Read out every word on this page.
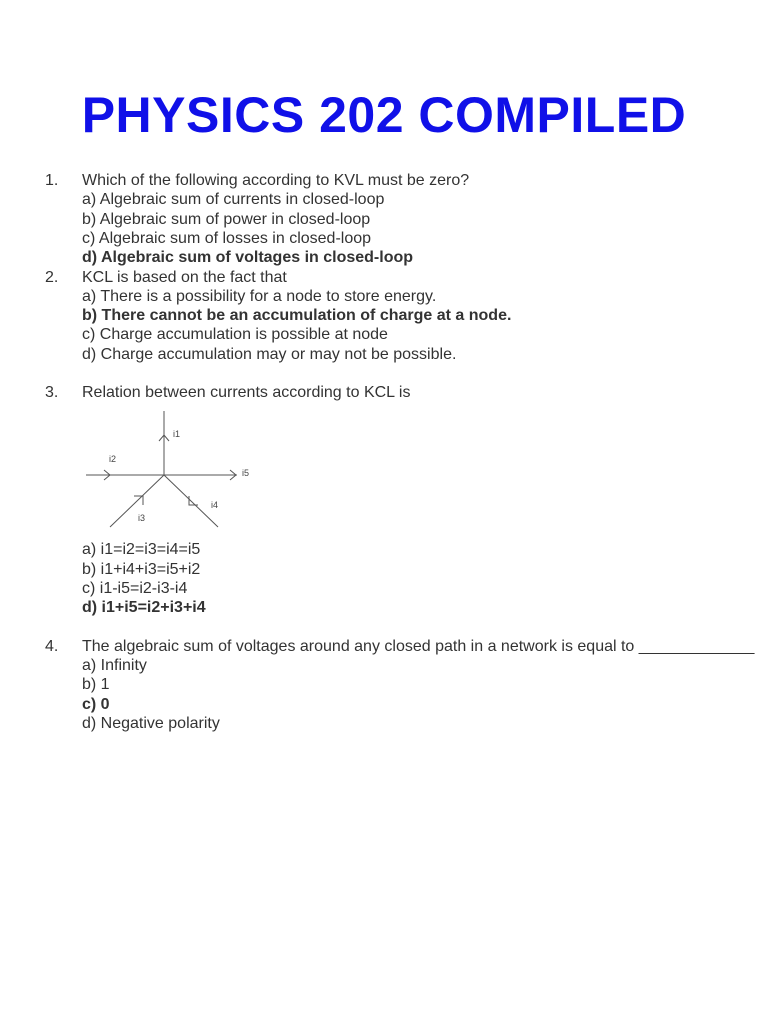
PHYSICS 202 COMPILED
1. Which of the following according to KVL must be zero?
a) Algebraic sum of currents in closed-loop
b) Algebraic sum of power in closed-loop
c) Algebraic sum of losses in closed-loop
d) Algebraic sum of voltages in closed-loop
2. KCL is based on the fact that
a) There is a possibility for a node to store energy.
b) There cannot be an accumulation of charge at a node.
c) Charge accumulation is possible at node
d) Charge accumulation may or may not be possible.
3. Relation between currents according to KCL is
i1
i2
i3
i4
i5
a) i1=i2=i3=i4=i5
b) i1+i4+i3=i5+i2
c) i1-i5=i2-i3-i4
d) i1+i5=i2+i3+i4
4. The algebraic sum of voltages around any closed path in a network is equal to _____________
a) Infinity
b) 1
c) 0
d) Negative polarity
